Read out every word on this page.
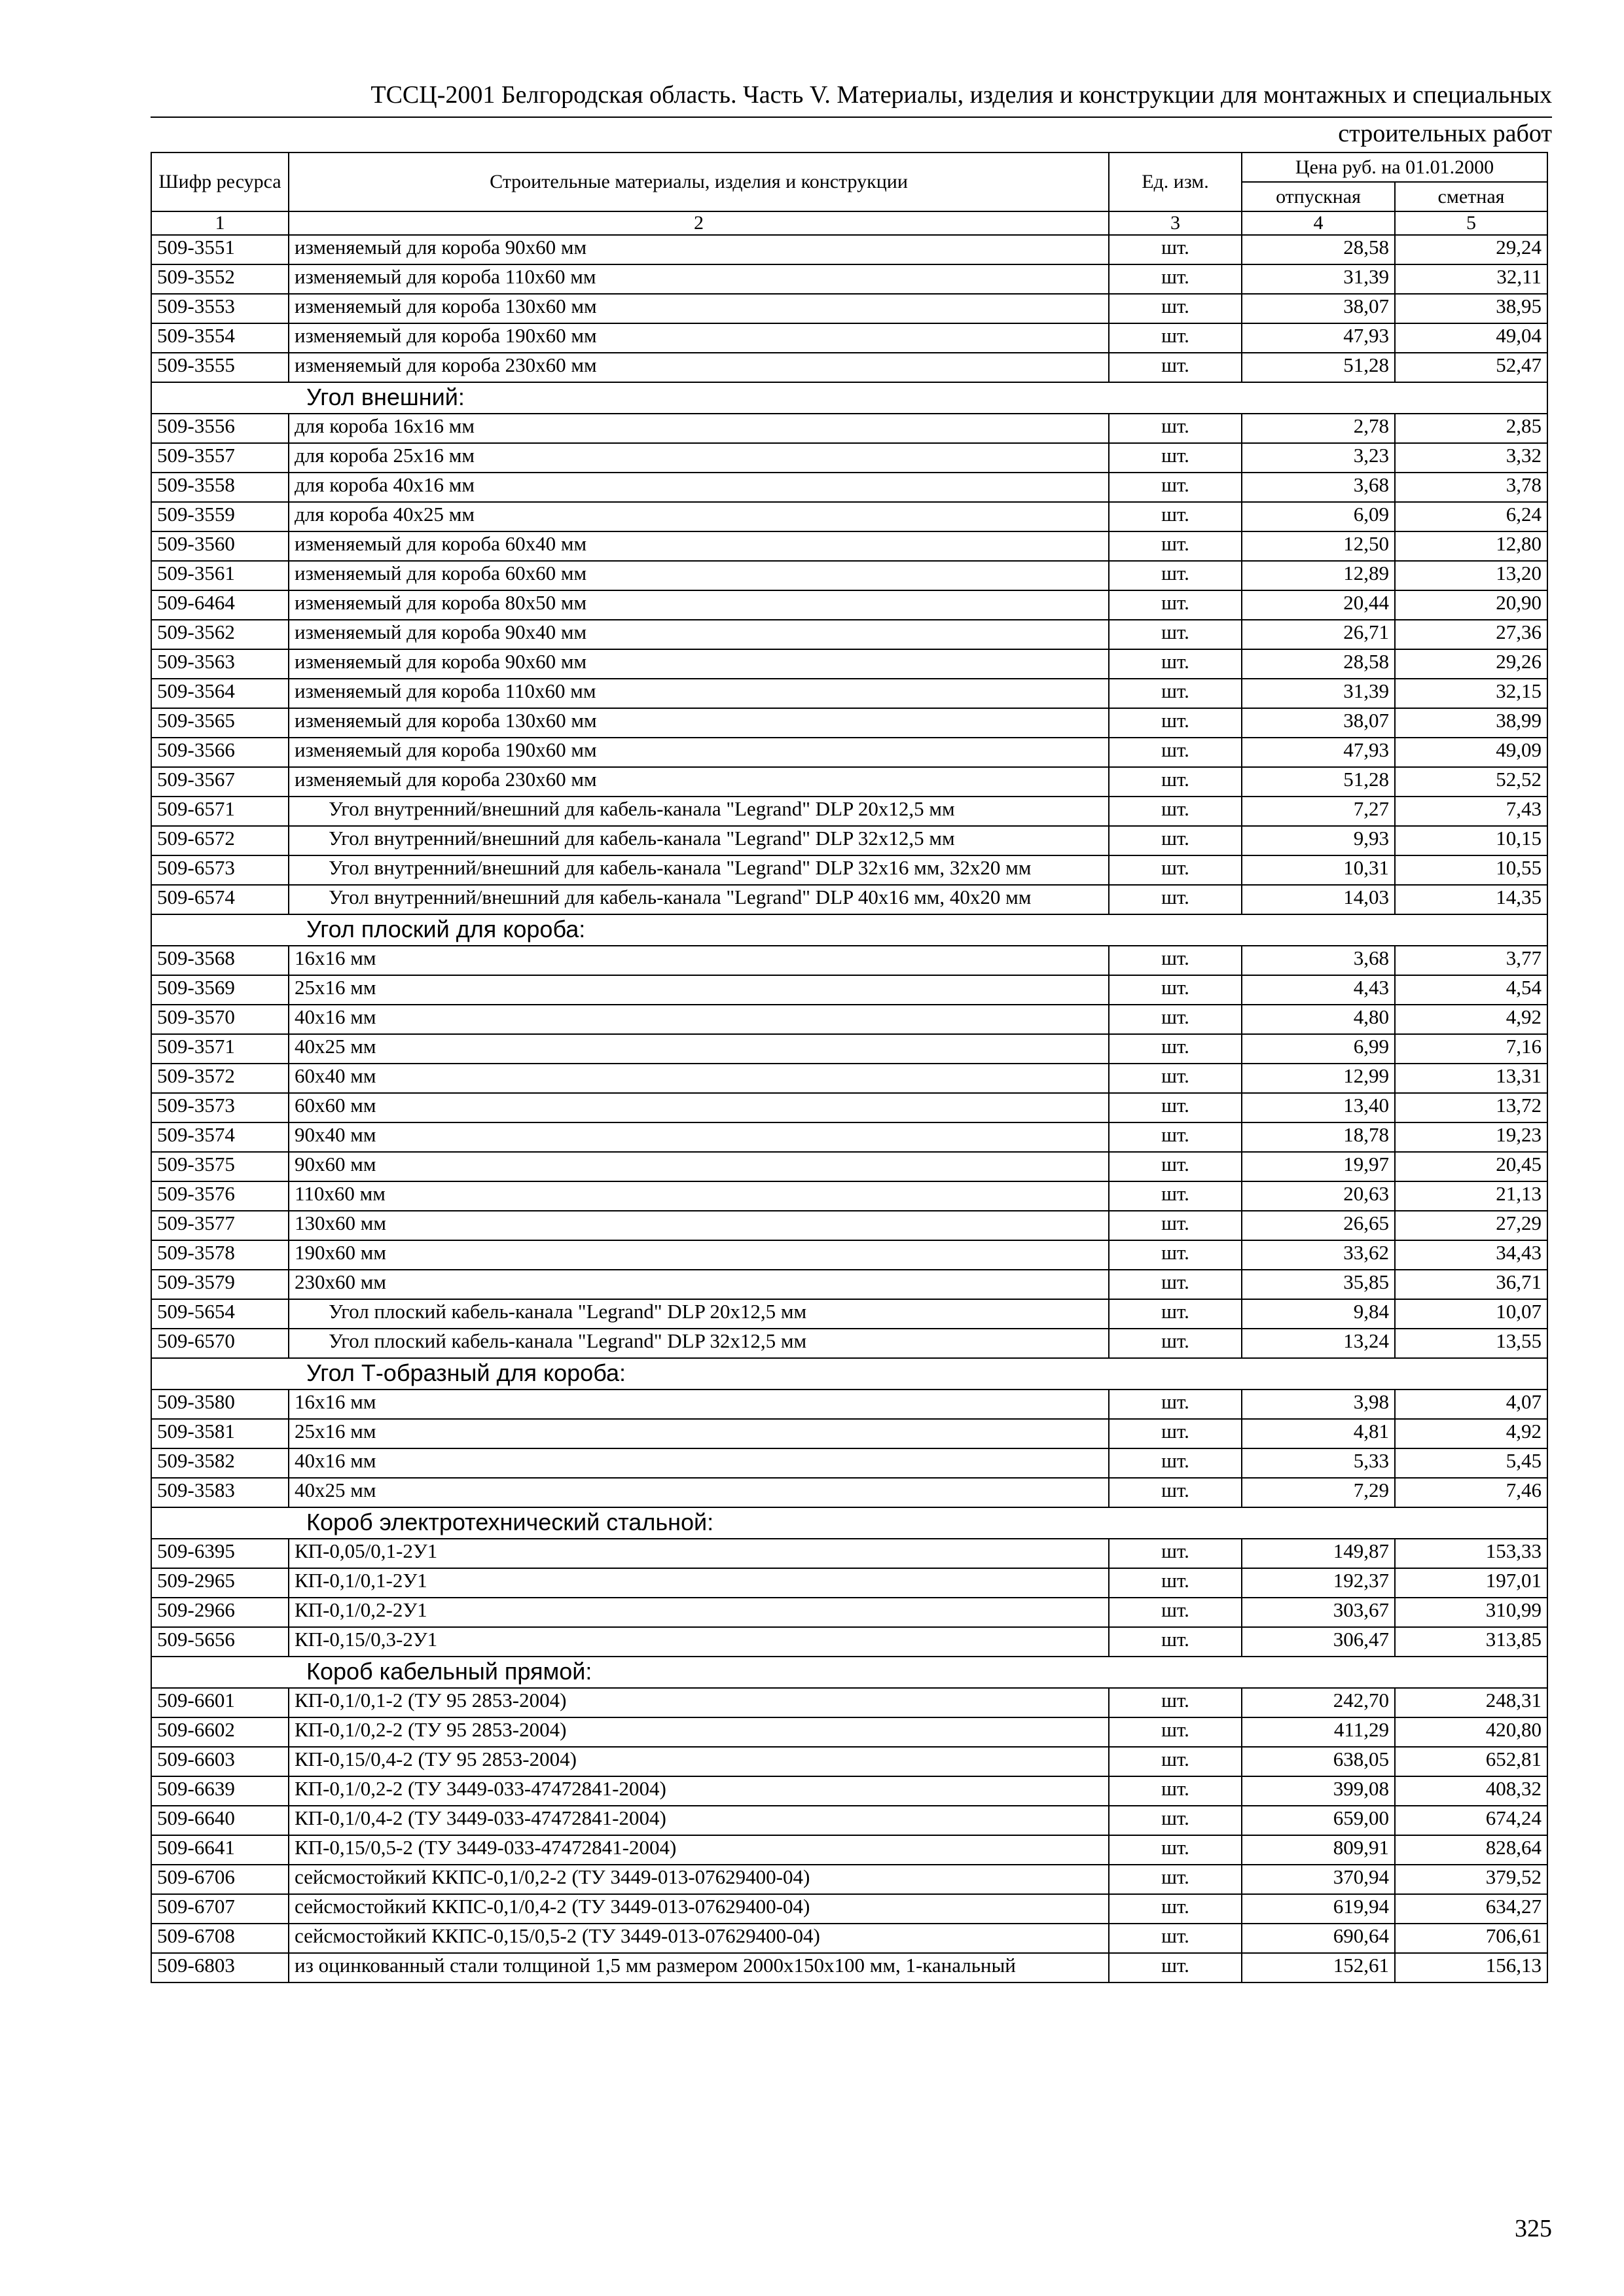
ТССЦ-2001 Белгородская область. Часть V. Материалы, изделия и конструкции для монтажных и специальных
строительных работ
Шифр ресурса	Строительные материалы, изделия и конструкции	Ед. изм.	Цена руб. на 01.01.2000	
			отпускная	сметная
1	2	3	4	5
509-3551	изменяемый для короба 90х60 мм	шт.	28,58	29,24
509-3552	изменяемый для короба 110х60 мм	шт.	31,39	32,11
509-3553	изменяемый для короба 130х60 мм	шт.	38,07	38,95
509-3554	изменяемый для короба 190х60 мм	шт.	47,93	49,04
509-3555	изменяемый для короба 230х60 мм	шт.	51,28	52,47
Угол внешний:				
509-3556	для короба 16х16 мм	шт.	2,78	2,85
509-3557	для короба 25х16 мм	шт.	3,23	3,32
509-3558	для короба 40х16 мм	шт.	3,68	3,78
509-3559	для короба 40х25 мм	шт.	6,09	6,24
509-3560	изменяемый для короба 60х40 мм	шт.	12,50	12,80
509-3561	изменяемый для короба 60х60 мм	шт.	12,89	13,20
509-6464	изменяемый для короба 80х50 мм	шт.	20,44	20,90
509-3562	изменяемый для короба 90х40 мм	шт.	26,71	27,36
509-3563	изменяемый для короба 90х60 мм	шт.	28,58	29,26
509-3564	изменяемый для короба 110х60 мм	шт.	31,39	32,15
509-3565	изменяемый для короба 130х60 мм	шт.	38,07	38,99
509-3566	изменяемый для короба 190х60 мм	шт.	47,93	49,09
509-3567	изменяемый для короба 230х60 мм	шт.	51,28	52,52
509-6571	Угол внутренний/внешний для кабель-канала "Legrand" DLP 20х12,5 мм	шт.	7,27	7,43
509-6572	Угол внутренний/внешний для кабель-канала "Legrand" DLP 32х12,5 мм	шт.	9,93	10,15
509-6573	Угол внутренний/внешний для кабель-канала "Legrand" DLP 32х16 мм, 32х20 мм	шт.	10,31	10,55
509-6574	Угол внутренний/внешний для кабель-канала "Legrand" DLP 40х16 мм, 40х20 мм	шт.	14,03	14,35
Угол плоский для короба:				
509-3568	16х16 мм	шт.	3,68	3,77
509-3569	25х16 мм	шт.	4,43	4,54
509-3570	40х16 мм	шт.	4,80	4,92
509-3571	40х25 мм	шт.	6,99	7,16
509-3572	60х40 мм	шт.	12,99	13,31
509-3573	60х60 мм	шт.	13,40	13,72
509-3574	90х40 мм	шт.	18,78	19,23
509-3575	90х60 мм	шт.	19,97	20,45
509-3576	110х60 мм	шт.	20,63	21,13
509-3577	130х60 мм	шт.	26,65	27,29
509-3578	190х60 мм	шт.	33,62	34,43
509-3579	230х60 мм	шт.	35,85	36,71
509-5654	Угол плоский кабель-канала "Legrand" DLP 20х12,5 мм	шт.	9,84	10,07
509-6570	Угол плоский кабель-канала "Legrand" DLP 32х12,5 мм	шт.	13,24	13,55
Угол Т-образный для короба:				
509-3580	16х16 мм	шт.	3,98	4,07
509-3581	25х16 мм	шт.	4,81	4,92
509-3582	40х16 мм	шт.	5,33	5,45
509-3583	40х25 мм	шт.	7,29	7,46
Короб электротехнический стальной:				
509-6395	КП-0,05/0,1-2У1	шт.	149,87	153,33
509-2965	КП-0,1/0,1-2У1	шт.	192,37	197,01
509-2966	КП-0,1/0,2-2У1	шт.	303,67	310,99
509-5656	КП-0,15/0,3-2У1	шт.	306,47	313,85
Короб кабельный прямой:				
509-6601	КП-0,1/0,1-2 (ТУ 95 2853-2004)	шт.	242,70	248,31
509-6602	КП-0,1/0,2-2 (ТУ 95 2853-2004)	шт.	411,29	420,80
509-6603	КП-0,15/0,4-2 (ТУ 95 2853-2004)	шт.	638,05	652,81
509-6639	КП-0,1/0,2-2 (ТУ 3449-033-47472841-2004)	шт.	399,08	408,32
509-6640	КП-0,1/0,4-2 (ТУ 3449-033-47472841-2004)	шт.	659,00	674,24
509-6641	КП-0,15/0,5-2 (ТУ 3449-033-47472841-2004)	шт.	809,91	828,64
509-6706	сейсмостойкий ККПС-0,1/0,2-2 (ТУ 3449-013-07629400-04)	шт.	370,94	379,52
509-6707	сейсмостойкий ККПС-0,1/0,4-2 (ТУ 3449-013-07629400-04)	шт.	619,94	634,27
509-6708	сейсмостойкий ККПС-0,15/0,5-2 (ТУ 3449-013-07629400-04)	шт.	690,64	706,61
509-6803	из оцинкованный стали толщиной 1,5 мм размером 2000х150х100 мм, 1-канальный	шт.	152,61	156,13
325
